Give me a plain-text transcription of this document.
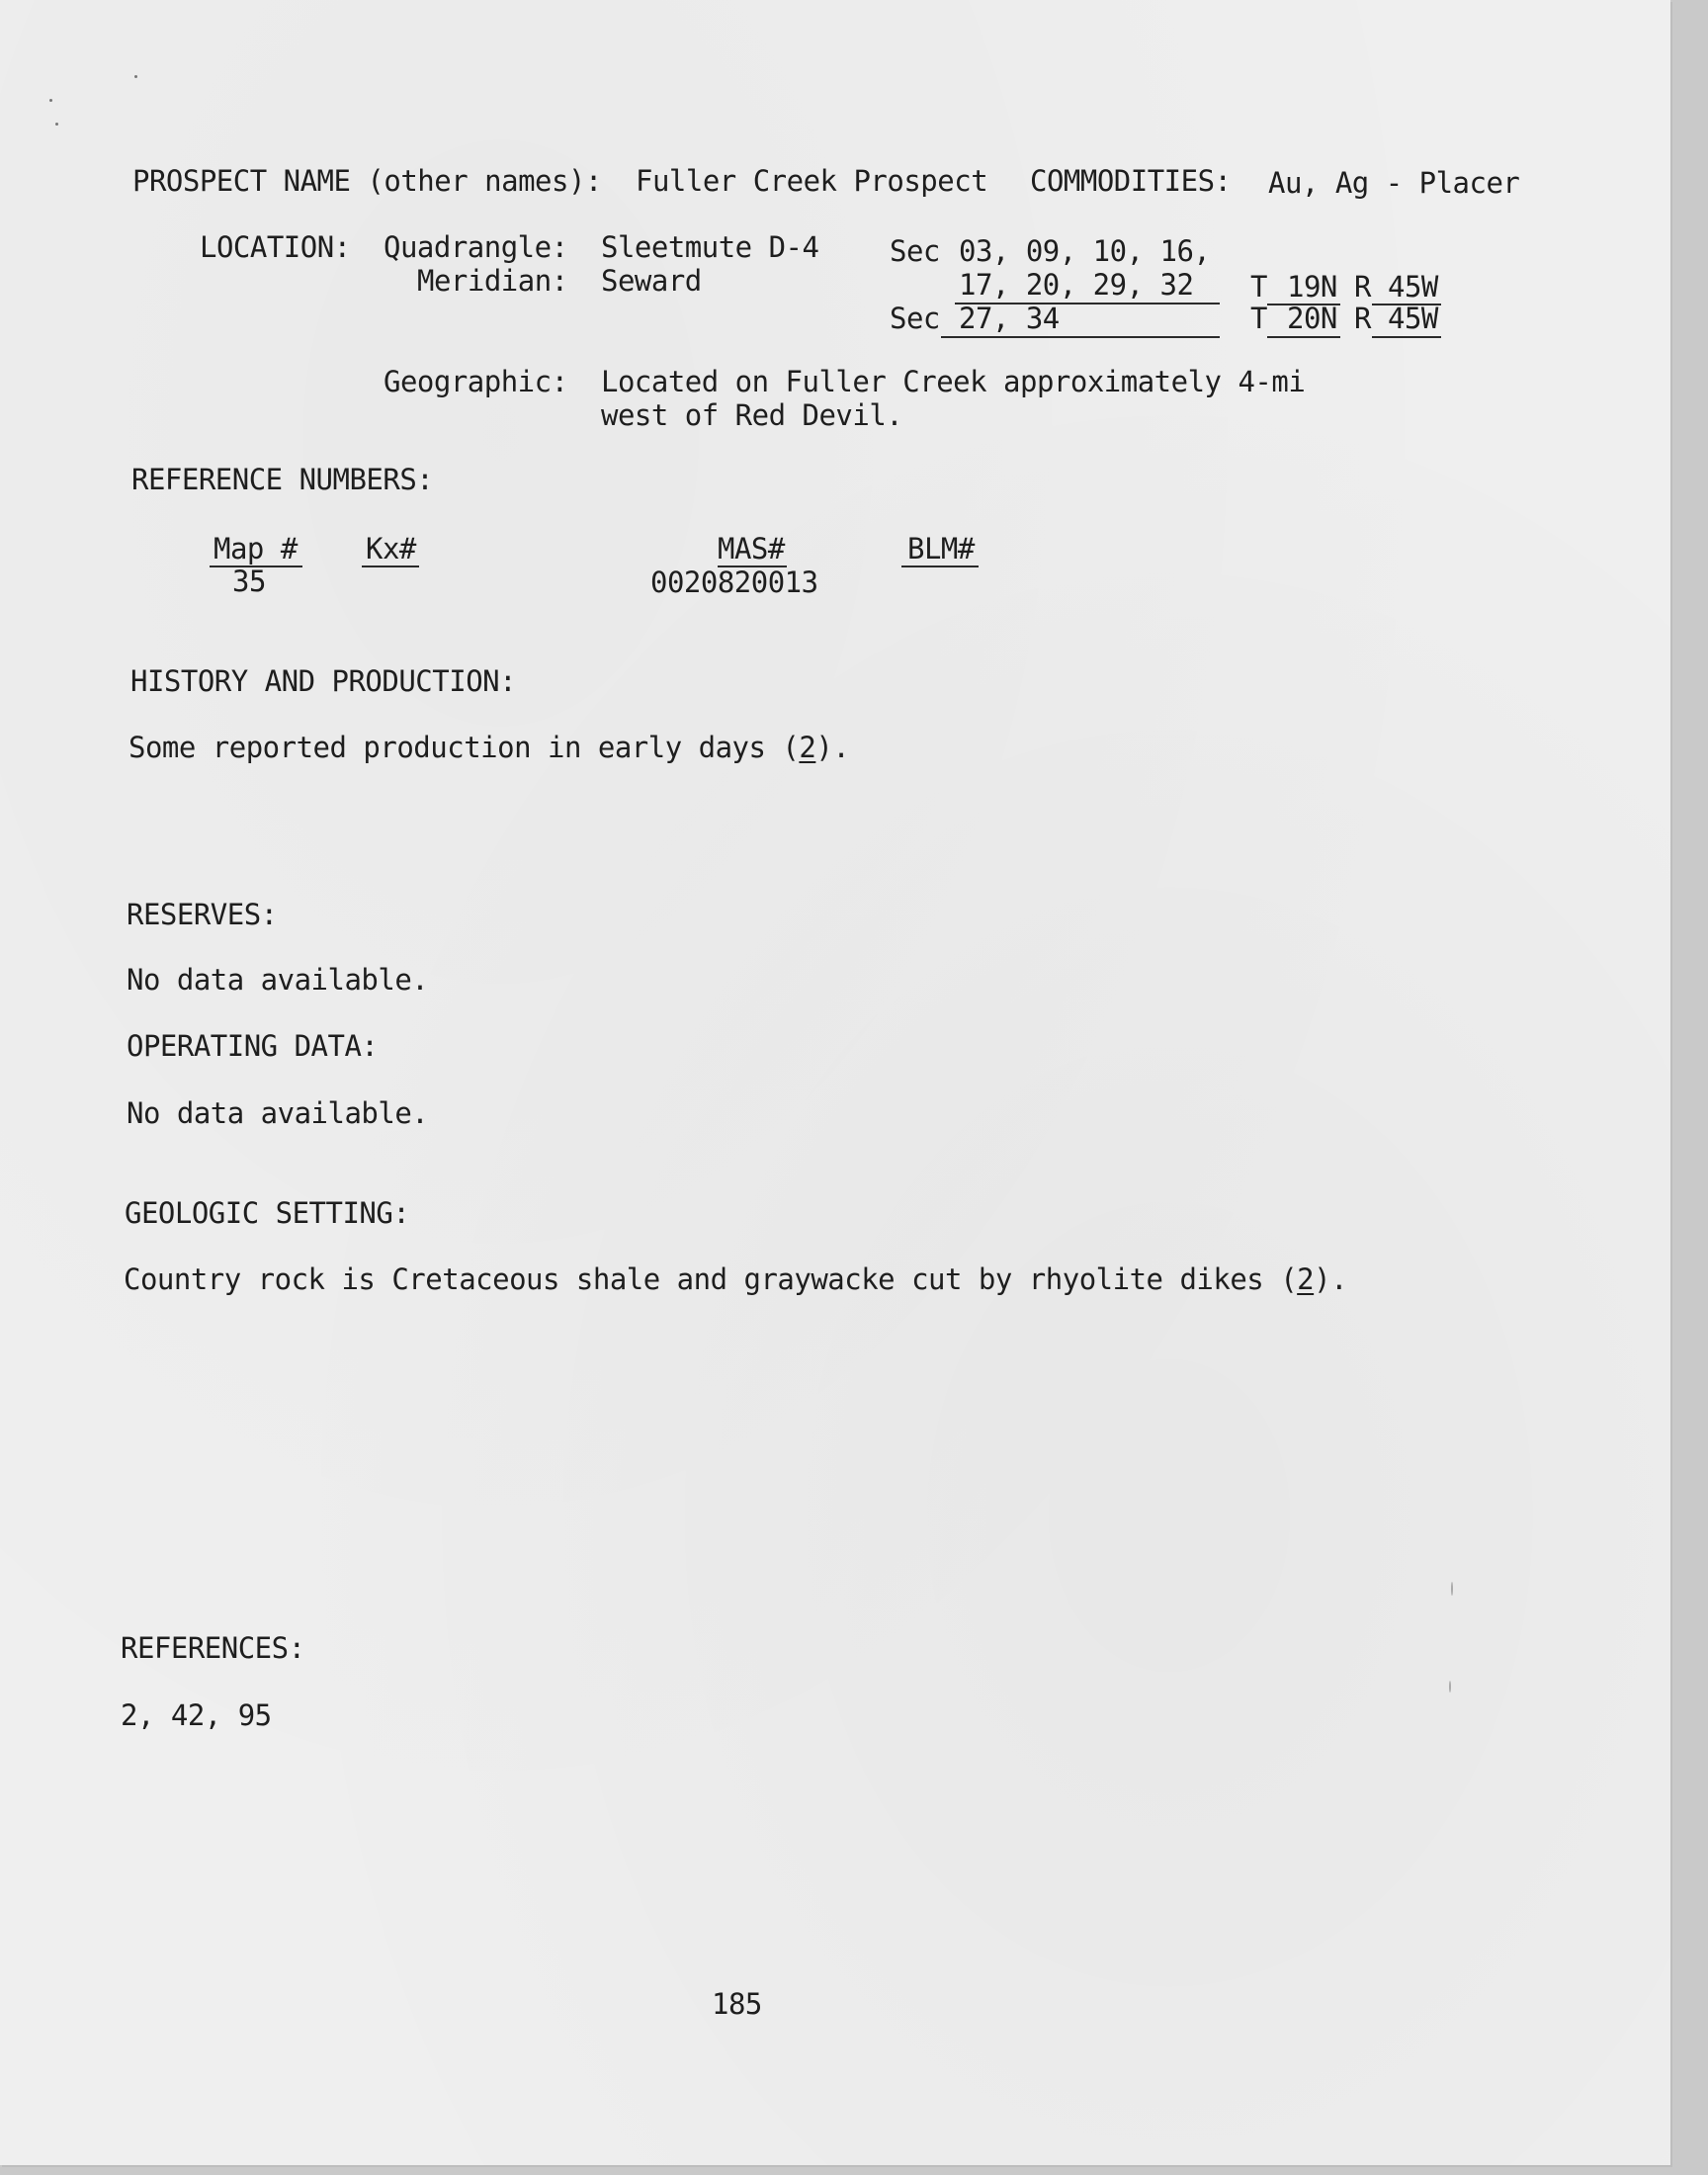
PROSPECT NAME (other names): Fuller Creek Prospect COMMODITIES: Au, Ag - Placer
LOCATION: Quadrangle: Sleetmute D-4
Meridian: Seward
Sec 03, 09, 10, 16,
17, 20, 29, 32
Sec 27, 34
T 19N R 45W
T 20N R 45W
Geographic: Located on Fuller Creek approximately 4-mi
west of Red Devil.
REFERENCE NUMBERS:
Map #
35
Kx#	MAS#
0020820013
BLM#
HISTORY AND PRODUCTION:
Some reported production in early days (2).
RESERVES:
No data available.
OPERATING DATA:
No data available.
GEOLOGIC SETTING:
Country rock is Cretaceous shale and graywacke cut by rhyolite dikes (2).
REFERENCES:
2, 42, 95
185
